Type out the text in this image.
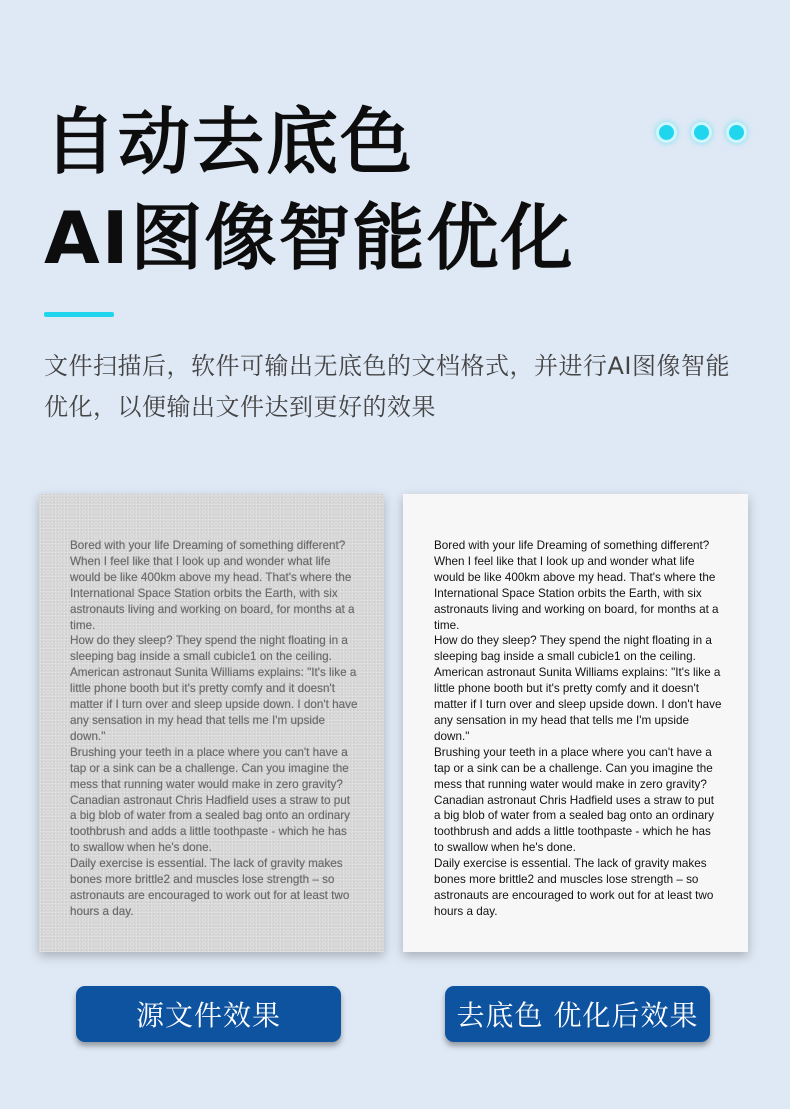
自动去底色
AI图像智能优化
文件扫描后，软件可输出无底色的文档格式，并进行AI图像智能优化，以便输出文件达到更好的效果

Bored with your life Dreaming of something different? When I feel like that I look up and wonder what life would be like 400km above my head. That's where the International Space Station orbits the Earth, with six astronauts living and working on board, for months at a time.

How do they sleep? They spend the night floating in a sleeping bag inside a small cubicle1 on the ceiling. American astronaut Sunita Williams explains: "It's like a little phone booth but it's pretty comfy and it doesn't matter if I turn over and sleep upside down. I don't have any sensation in my head that tells me I'm upside down."

Brushing your teeth in a place where you can't have a tap or a sink can be a challenge. Can you imagine the mess that running water would make in zero gravity? Canadian astronaut Chris Hadfield uses a straw to put a big blob of water from a sealed bag onto an ordinary toothbrush and adds a little toothpaste - which he has to swallow when he's done.

Daily exercise is essential. The lack of gravity makes bones more brittle2 and muscles lose strength – so astronauts are encouraged to work out for at least two hours a day.

Bored with your life Dreaming of something different? When I feel like that I look up and wonder what life would be like 400km above my head. That's where the International Space Station orbits the Earth, with six astronauts living and working on board, for months at a time.

How do they sleep? They spend the night floating in a sleeping bag inside a small cubicle1 on the ceiling. American astronaut Sunita Williams explains: "It's like a little phone booth but it's pretty comfy and it doesn't matter if I turn over and sleep upside down. I don't have any sensation in my head that tells me I'm upside down."

Brushing your teeth in a place where you can't have a tap or a sink can be a challenge. Can you imagine the mess that running water would make in zero gravity? Canadian astronaut Chris Hadfield uses a straw to put a big blob of water from a sealed bag onto an ordinary toothbrush and adds a little toothpaste - which he has to swallow when he's done.

Daily exercise is essential. The lack of gravity makes bones more brittle2 and muscles lose strength – so astronauts are encouraged to work out for at least two hours a day.

源文件效果	去底色 优化后效果
